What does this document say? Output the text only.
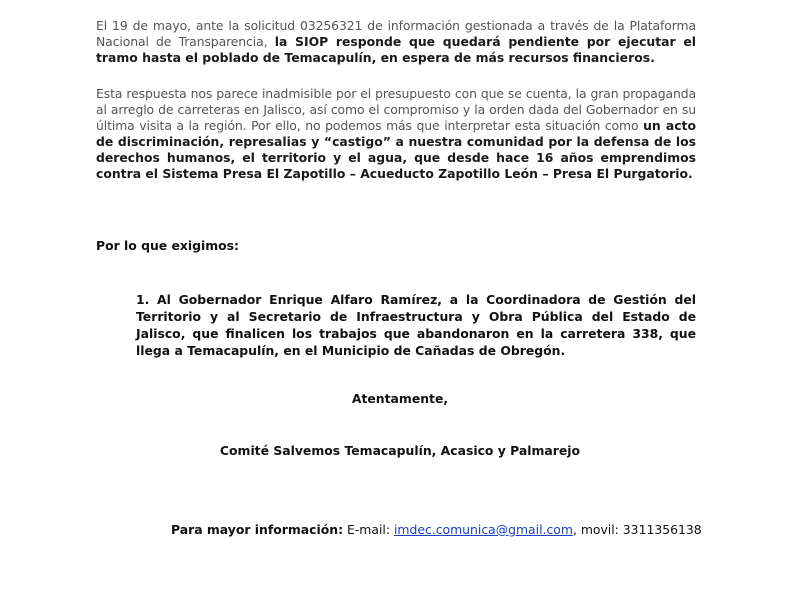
El 19 de mayo, ante la solicitud 03256321 de información gestionada a través de la Plataforma Nacional de Transparencia, la SIOP responde que quedará pendiente por ejecutar el tramo hasta el poblado de Temacapulín, en espera de más recursos financieros.
Esta respuesta nos parece inadmisible por el presupuesto con que se cuenta, la gran propaganda al arreglo de carreteras en Jalisco, así como el compromiso y la orden dada del Gobernador en su última visita a la región. Por ello, no podemos más que interpretar esta situación como un acto de discriminación, represalias y “castigo” a nuestra comunidad por la defensa de los derechos humanos, el territorio y el agua, que desde hace 16 años emprendimos contra el Sistema Presa El Zapotillo – Acueducto Zapotillo León – Presa El Purgatorio.
Por lo que exigimos:
1. Al Gobernador Enrique Alfaro Ramírez, a la Coordinadora de Gestión del Territorio y al Secretario de Infraestructura y Obra Pública del Estado de Jalisco, que finalicen los trabajos que abandonaron en la carretera 338, que llega a Temacapulín, en el Municipio de Cañadas de Obregón.
Atentamente,
Comité Salvemos Temacapulín, Acasico y Palmarejo
Para mayor información: E-mail: imdec.comunica@gmail.com, movil: 3311356138
